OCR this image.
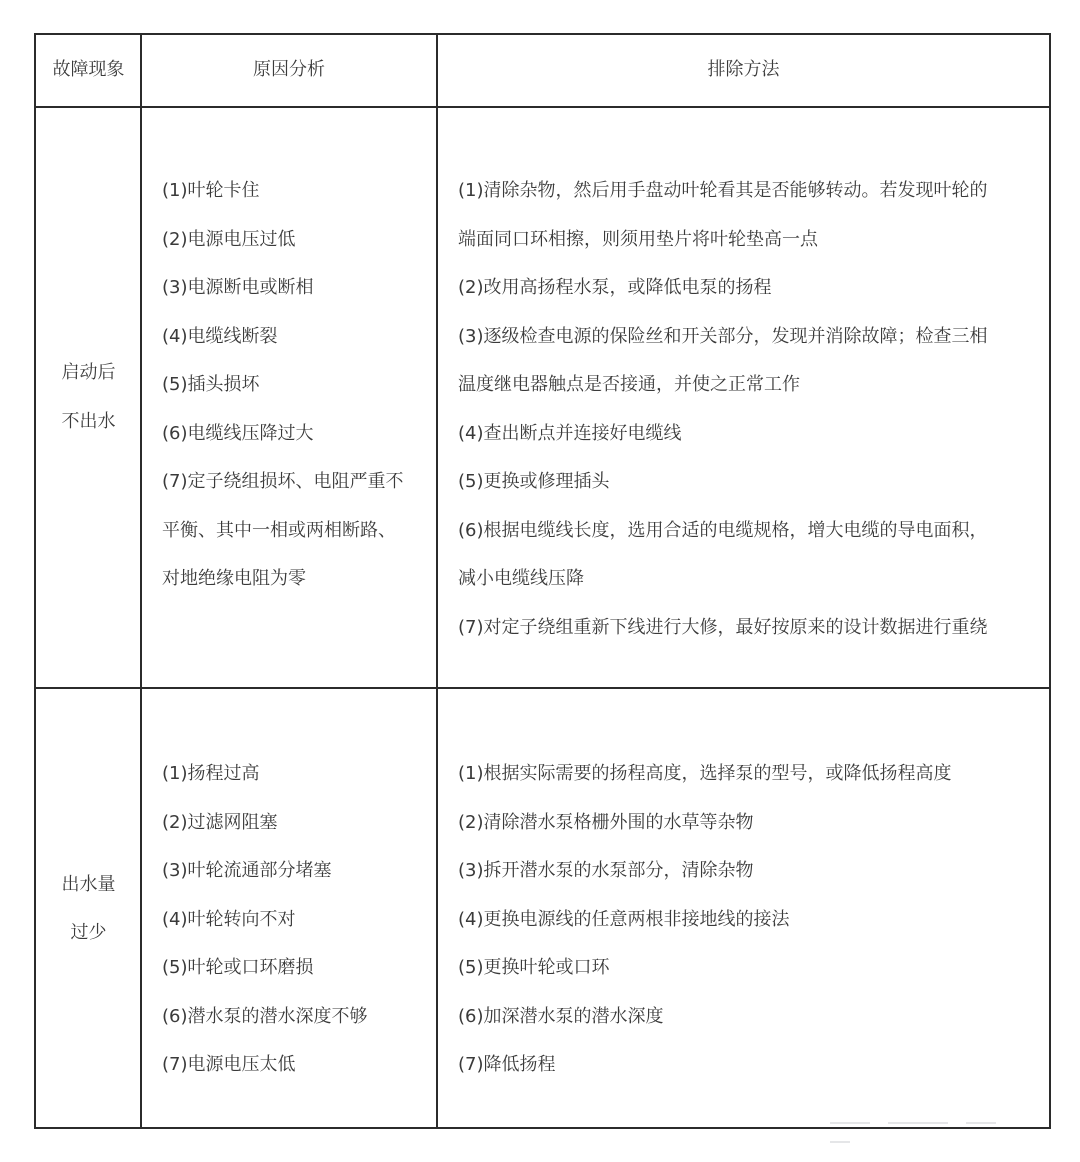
故障现象	原因分析	排除方法
启动后
不出水
(1)叶轮卡住
(2)电源电压过低
(3)电源断电或断相
(4)电缆线断裂
(5)插头损坏
(6)电缆线压降过大
(7)定子绕组损坏、电阻严重不
平衡、其中一相或两相断路、
对地绝缘电阻为零
(1)清除杂物，然后用手盘动叶轮看其是否能够转动。若发现叶轮的
端面同口环相擦，则须用垫片将叶轮垫高一点
(2)改用高扬程水泵，或降低电泵的扬程
(3)逐级检查电源的保险丝和开关部分，发现并消除故障；检查三相
温度继电器触点是否接通，并使之正常工作
(4)查出断点并连接好电缆线
(5)更换或修理插头
(6)根据电缆线长度，选用合适的电缆规格，增大电缆的导电面积，
减小电缆线压降
(7)对定子绕组重新下线进行大修，最好按原来的设计数据进行重绕
出水量
过少
(1)扬程过高
(2)过滤网阻塞
(3)叶轮流通部分堵塞
(4)叶轮转向不对
(5)叶轮或口环磨损
(6)潜水泵的潜水深度不够
(7)电源电压太低
(1)根据实际需要的扬程高度，选择泵的型号，或降低扬程高度
(2)清除潜水泵格栅外围的水草等杂物
(3)拆开潜水泵的水泵部分，清除杂物
(4)更换电源线的任意两根非接地线的接法
(5)更换叶轮或口环
(6)加深潜水泵的潜水深度
(7)降低扬程
